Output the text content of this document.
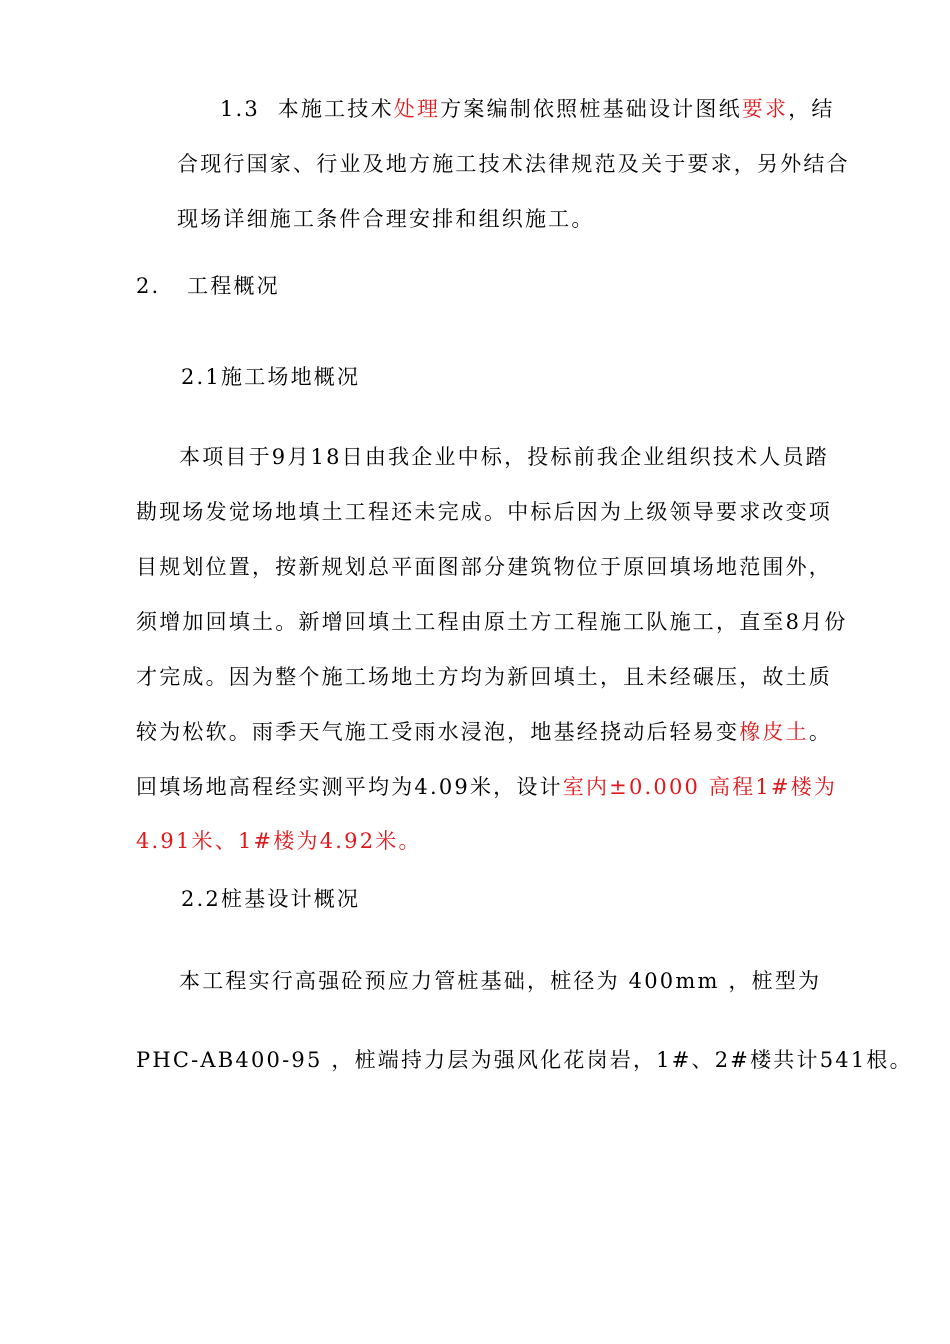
1.3 本施工技术处理方案编制依照桩基础设计图纸要求，结
合现行国家、行业及地方施工技术法律规范及关于要求，另外结合
现场详细施工条件合理安排和组织施工。
2. 工程概况
2.1施工场地概况
本项目于9月18日由我企业中标，投标前我企业组织技术人员踏
勘现场发觉场地填土工程还未完成。中标后因为上级领导要求改变项
目规划位置，按新规划总平面图部分建筑物位于原回填场地范围外，
须增加回填土。新增回填土工程由原土方工程施工队施工，直至8月份
才完成。因为整个施工场地土方均为新回填土，且未经碾压，故土质
较为松软。雨季天气施工受雨水浸泡，地基经挠动后轻易变橡皮土。
回填场地高程经实测平均为4.09米，设计室内±0.000 高程1#楼为
4.91米、1#楼为4.92米。
2.2桩基设计概况
本工程实行高强砼预应力管桩基础，桩径为 400mm ，桩型为
PHC-AB400-95 ，桩端持力层为强风化花岗岩，1#、2#楼共计541根。
